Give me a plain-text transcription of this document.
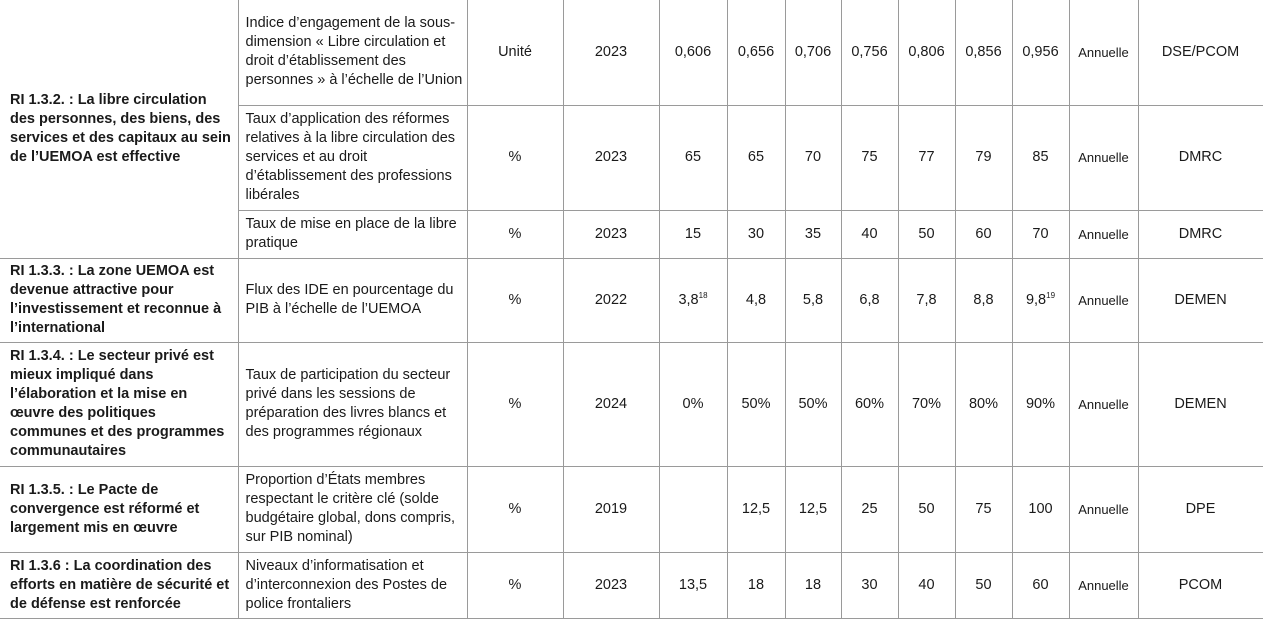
RI 1.3.2. : La libre circulation des personnes, des biens, des services et des capitaux au sein de l’UEMOA est effective	Indice d’engagement de la sous-dimension « Libre circulation et droit d’établissement des personnes » à l’échelle de l’Union	Unité	2023	0,606	0,656	0,706	0,756	0,806	0,856	0,956	Annuelle	DSE/PCOM
	Taux d’application des réformes relatives à la libre circulation des services et au droit d’établissement des professions libérales	%	2023	65	65	70	75	77	79	85	Annuelle	DMRC
	Taux de mise en place de la libre pratique	%	2023	15	30	35	40	50	60	70	Annuelle	DMRC
RI 1.3.3. : La zone UEMOA est devenue attractive pour l’investissement et reconnue à l’international	Flux des IDE en pourcentage du PIB à l’échelle de l’UEMOA	%	2022	$3,8^{18}$	4,8	5,8	6,8	7,8	8,8	$9,8^{19}$	Annuelle	DEMEN
RI 1.3.4. : Le secteur privé est mieux impliqué dans l’élaboration et la mise en œuvre des politiques communes et des programmes communautaires	Taux de participation du secteur privé dans les sessions de préparation des livres blancs et des programmes régionaux	%	2024	0%	50%	50%	60%	70%	80%	90%	Annuelle	DEMEN
RI 1.3.5. : Le Pacte de convergence est réformé et largement mis en œuvre	Proportion d’États membres respectant le critère clé (solde budgétaire global, dons compris, sur PIB nominal)	%	2019		12,5	12,5	25	50	75	100	Annuelle	DPE
RI 1.3.6 : La coordination des efforts en matière de sécurité et de défense est renforcée	Niveaux d’informatisation et d’interconnexion des Postes de police frontaliers	%	2023	13,5	18	18	30	40	50	60	Annuelle	PCOM
